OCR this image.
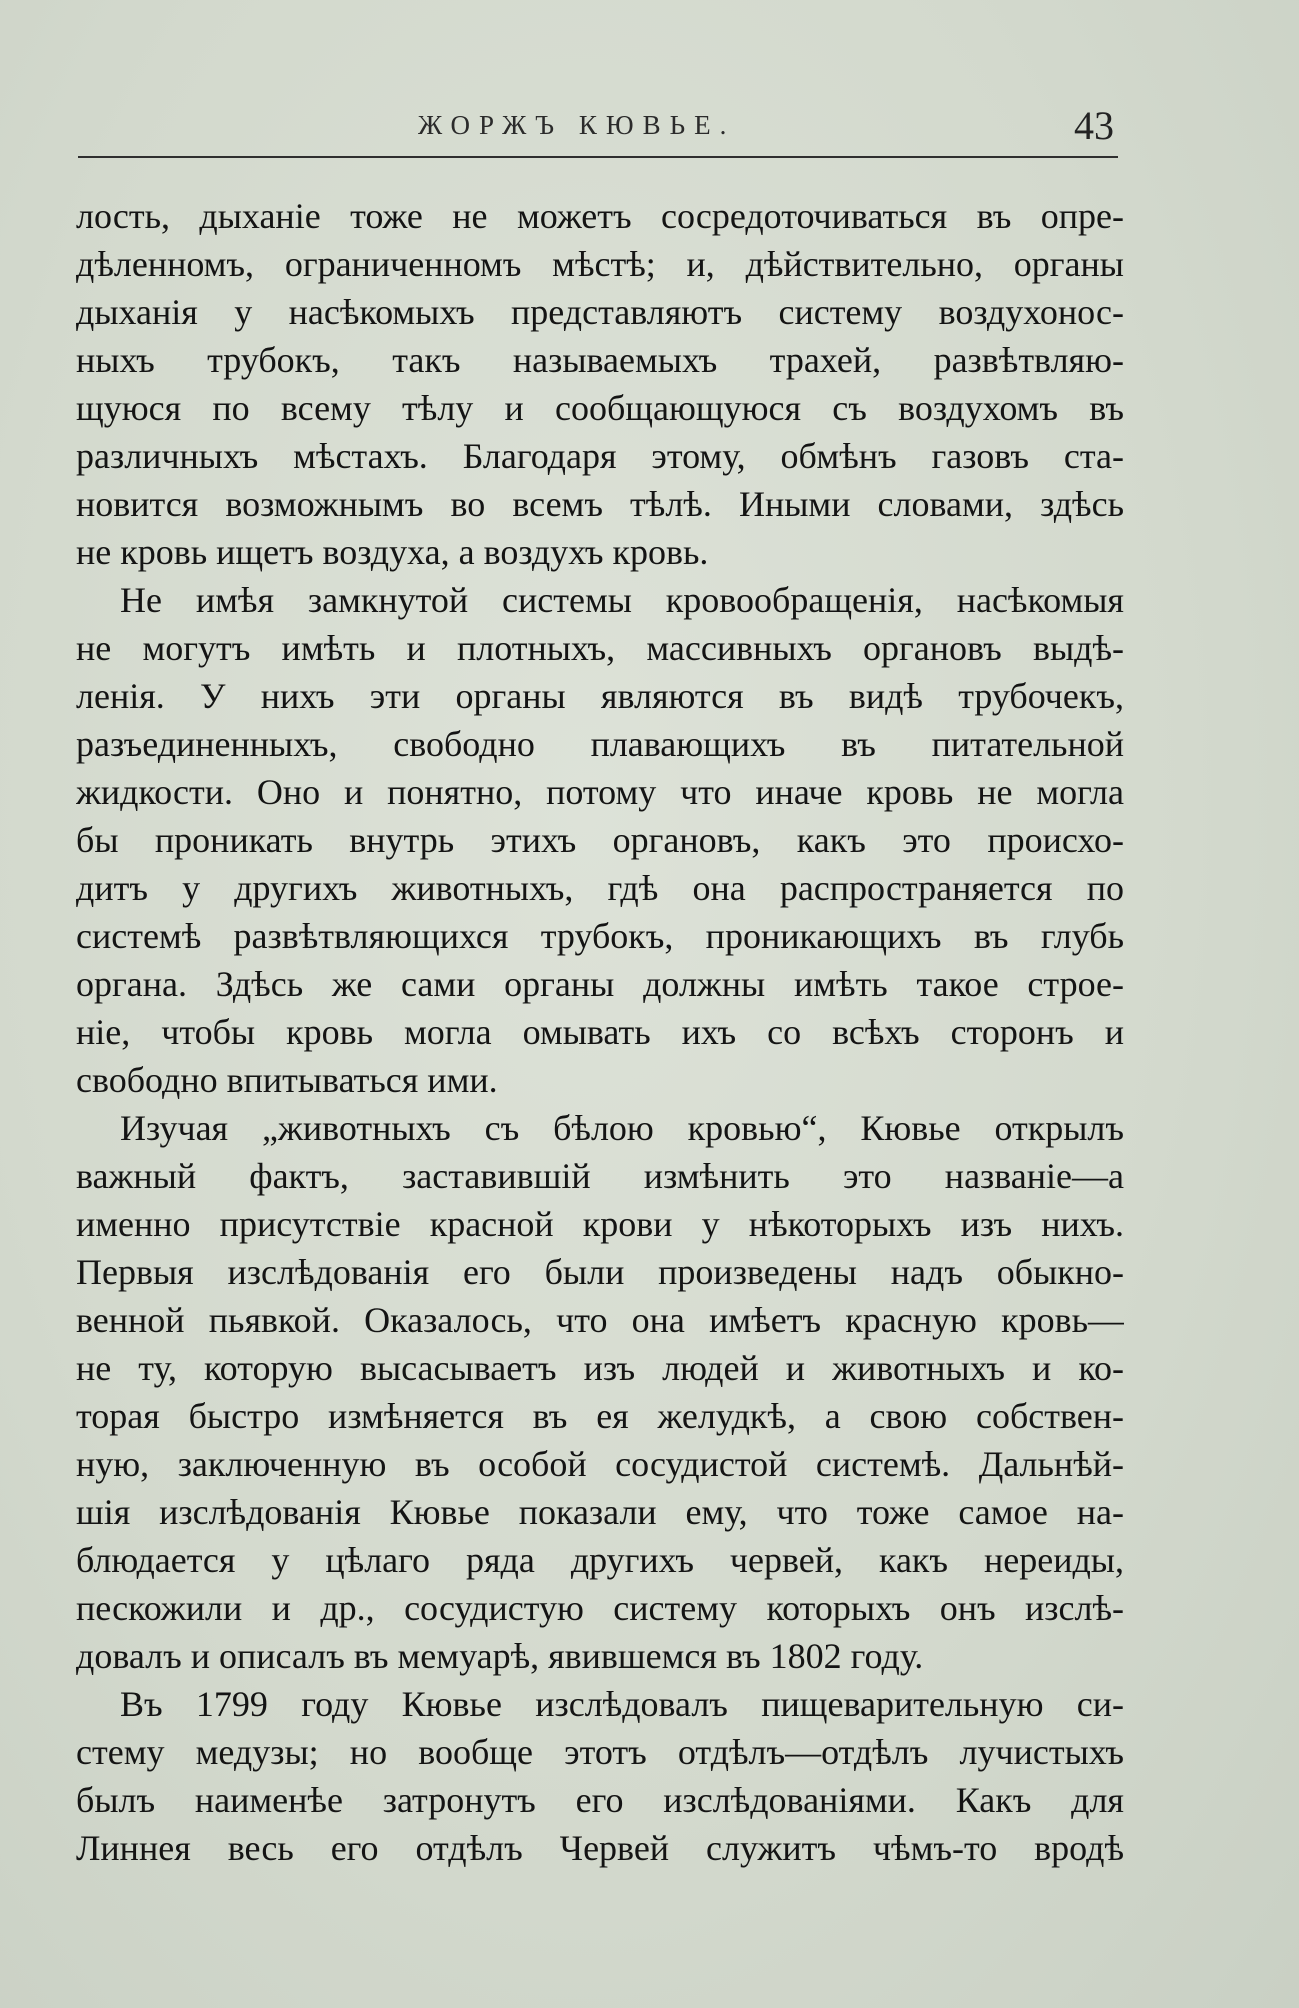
ЖОРЖЪ КЮВЬЕ.	43
лость, дыханіе тоже не можетъ сосредоточиваться въ опре-
дѣленномъ, ограниченномъ мѣстѣ; и, дѣйствительно, органы
дыханія у насѣкомыхъ представляютъ систему воздухонос-
ныхъ трубокъ, такъ называемыхъ трахей, развѣтвляю-
щуюся по всему тѣлу и сообщающуюся съ воздухомъ въ
различныхъ мѣстахъ. Благодаря этому, обмѣнъ газовъ ста-
новится возможнымъ во всемъ тѣлѣ. Иными словами, здѣсь
не кровь ищетъ воздуха, а воздухъ кровь.
Не имѣя замкнутой системы кровообращенія, насѣкомыя
не могутъ имѣть и плотныхъ, массивныхъ органовъ выдѣ-
ленія. У нихъ эти органы являются въ видѣ трубочекъ,
разъединенныхъ, свободно плавающихъ въ питательной
жидкости. Оно и понятно, потому что иначе кровь не могла
бы проникать внутрь этихъ органовъ, какъ это происхо-
дитъ у другихъ животныхъ, гдѣ она распространяется по
системѣ развѣтвляющихся трубокъ, проникающихъ въ глубь
органа. Здѣсь же сами органы должны имѣть такое строе-
ніе, чтобы кровь могла омывать ихъ со всѣхъ сторонъ и
свободно впитываться ими.
Изучая „животныхъ съ бѣлою кровью“, Кювье открылъ
важный фактъ, заставившій измѣнить это названіе—а
именно присутствіе красной крови у нѣкоторыхъ изъ нихъ.
Первыя изслѣдованія его были произведены надъ обыкно-
венной пьявкой. Оказалось, что она имѣетъ красную кровь—
не ту, которую высасываетъ изъ людей и животныхъ и ко-
торая быстро измѣняется въ ея желудкѣ, а свою собствен-
ную, заключенную въ особой сосудистой системѣ. Дальнѣй-
шія изслѣдованія Кювье показали ему, что тоже самое на-
блюдается у цѣлаго ряда другихъ червей, какъ нереиды,
пескожили и др., сосудистую систему которыхъ онъ изслѣ-
довалъ и описалъ въ мемуарѣ, явившемся въ 1802 году.
Въ 1799 году Кювье изслѣдовалъ пищеварительную си-
стему медузы; но вообще этотъ отдѣлъ—отдѣлъ лучистыхъ
былъ наименѣе затронутъ его изслѣдованіями. Какъ для
Линнея весь его отдѣлъ Червей служитъ чѣмъ-то вродѣ
